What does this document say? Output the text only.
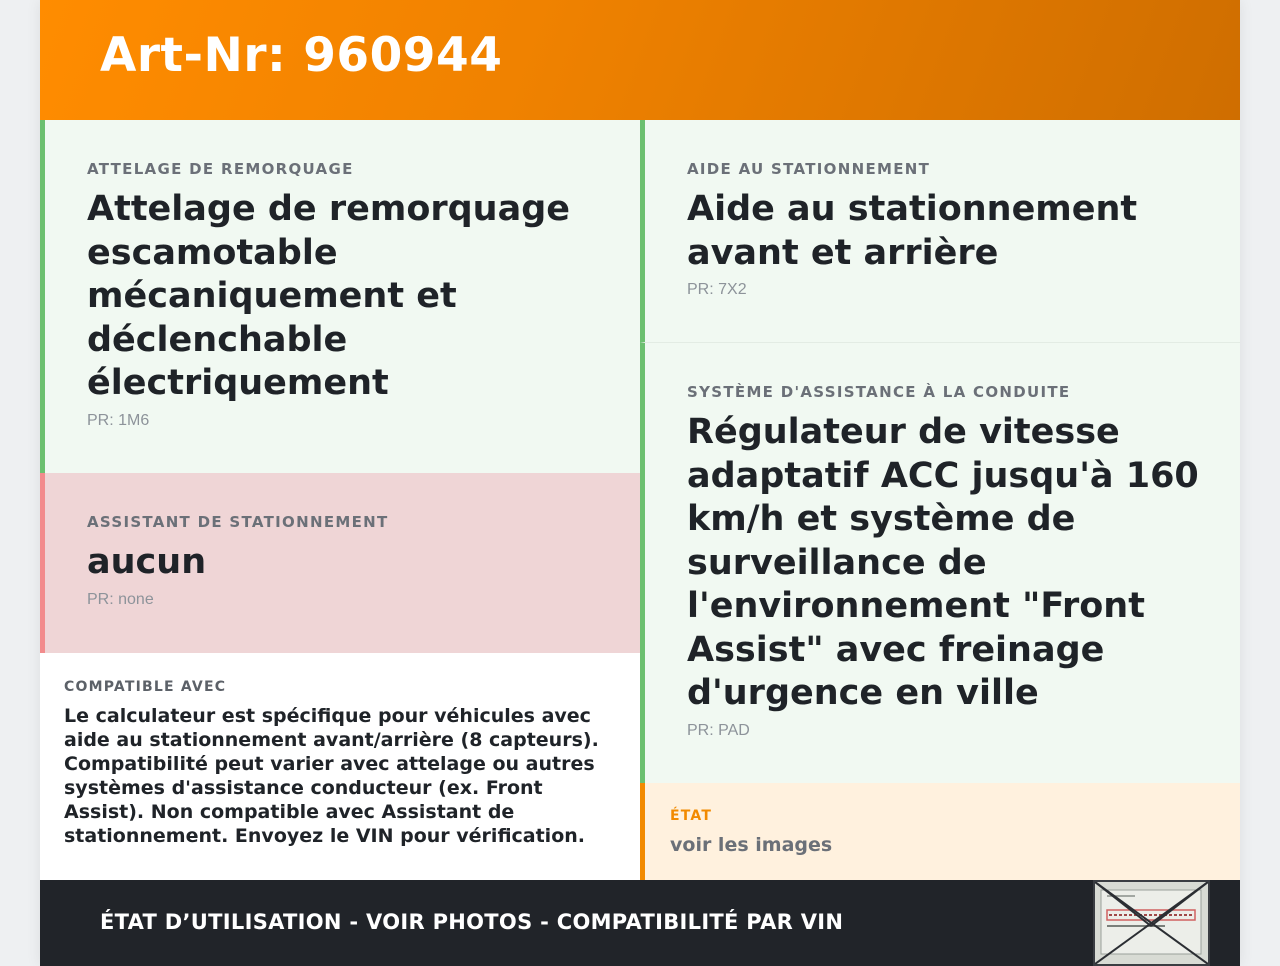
Art-Nr: 960944
ATTELAGE DE REMORQUAGE
Attelage de remorquage escamotable mécaniquement et déclenchable électriquement
PR: 1M6
ASSISTANT DE STATIONNEMENT
aucun
PR: none
AIDE AU STATIONNEMENT
Aide au stationnement avant et arrière
PR: 7X2
SYSTÈME D'ASSISTANCE À LA CONDUITE
Régulateur de vitesse adaptatif ACC jusqu'à 160 km/h et système de surveillance de l'environnement "Front Assist" avec freinage d'urgence en ville
PR: PAD
COMPATIBLE AVEC
Le calculateur est spécifique pour véhicules avec aide au stationnement avant/arrière (8 capteurs). Compatibilité peut varier avec attelage ou autres systèmes d'assistance conducteur (ex. Front Assist). Non compatible avec Assistant de stationnement. Envoyez le VIN pour vérification.
ÉTAT
voir les images
ÉTAT D’UTILISATION - VOIR PHOTOS - COMPATIBILITÉ PAR VIN
